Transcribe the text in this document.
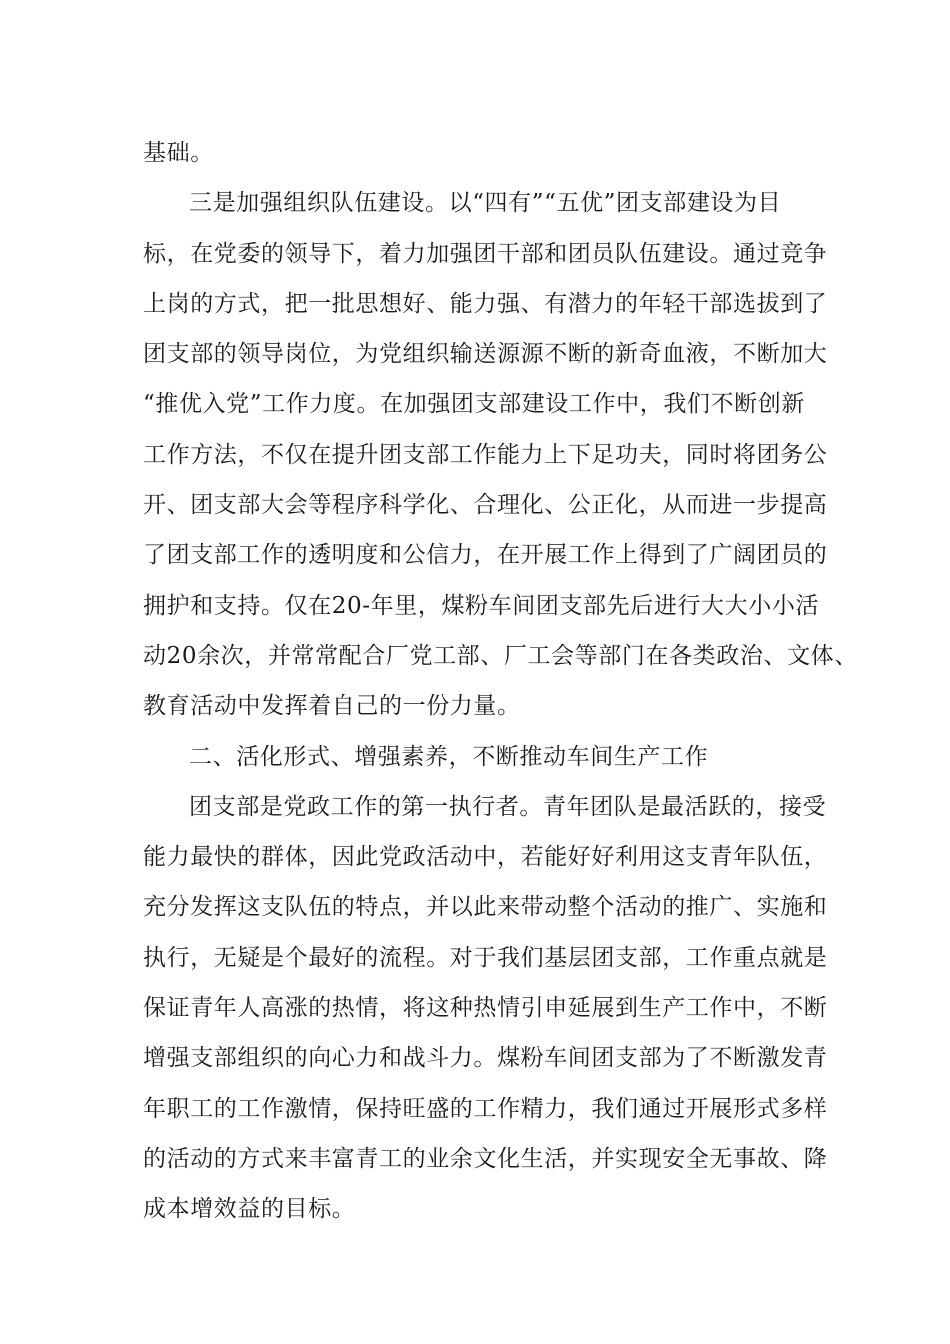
基础。
三是加强组织队伍建设。以“四有”“五优”团支部建设为目
标，在党委的领导下，着力加强团干部和团员队伍建设。通过竞争
上岗的方式，把一批思想好、能力强、有潜力的年轻干部选拔到了
团支部的领导岗位，为党组织输送源源不断的新奇血液，不断加大
“推优入党”工作力度。在加强团支部建设工作中，我们不断创新
工作方法，不仅在提升团支部工作能力上下足功夫，同时将团务公
开、团支部大会等程序科学化、合理化、公正化，从而进一步提高
了团支部工作的透明度和公信力，在开展工作上得到了广阔团员的
拥护和支持。仅在20-年里，煤粉车间团支部先后进行大大小小活
动20余次，并常常配合厂党工部、厂工会等部门在各类政治、文体、
教育活动中发挥着自己的一份力量。
二、活化形式、增强素养，不断推动车间生产工作
团支部是党政工作的第一执行者。青年团队是最活跃的，接受
能力最快的群体，因此党政活动中，若能好好利用这支青年队伍，
充分发挥这支队伍的特点，并以此来带动整个活动的推广、实施和
执行，无疑是个最好的流程。对于我们基层团支部，工作重点就是
保证青年人高涨的热情，将这种热情引申延展到生产工作中，不断
增强支部组织的向心力和战斗力。煤粉车间团支部为了不断激发青
年职工的工作激情，保持旺盛的工作精力，我们通过开展形式多样
的活动的方式来丰富青工的业余文化生活，并实现安全无事故、降
成本增效益的目标。
